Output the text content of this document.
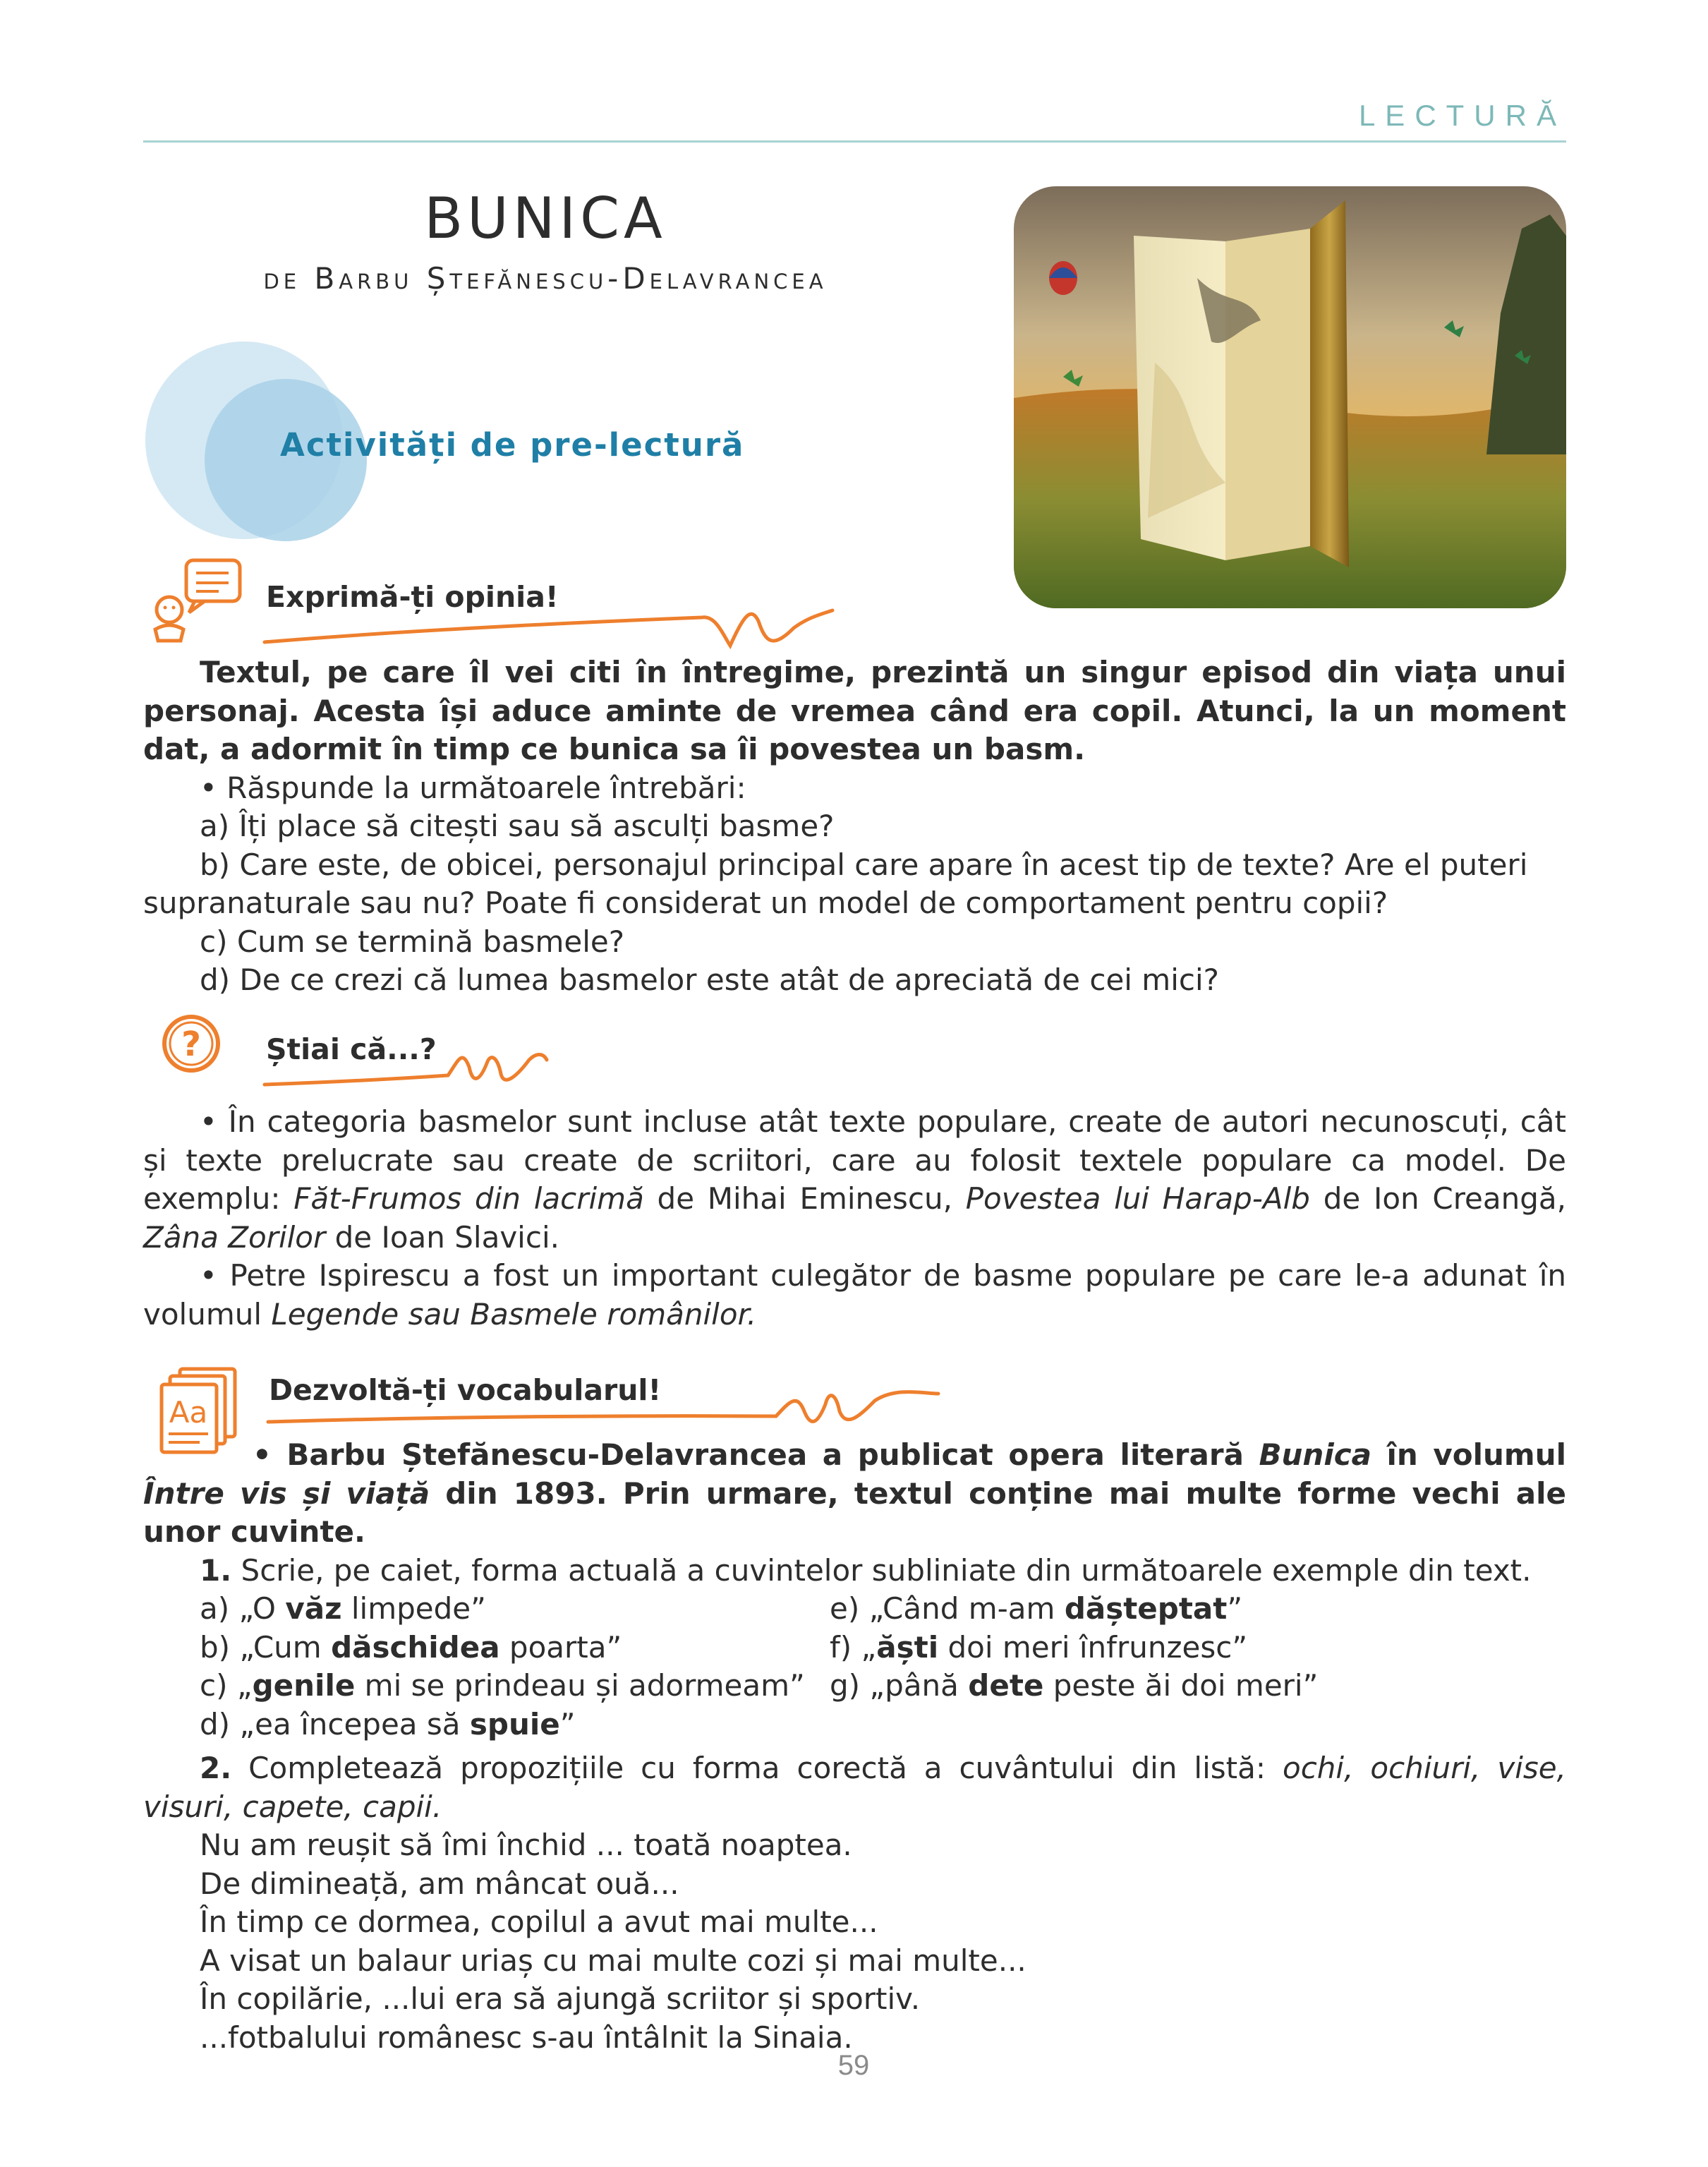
LECTURĂ
BUNICA
de Barbu Ștefănescu-Delavrancea
Activități de pre-lectură
Exprimă-ți opinia!

Textul, pe care îl vei citi în întregime, prezintă un singur episod din viața unui personaj. Acesta își aduce aminte de vremea când era copil. Atunci, la un moment dat, a adormit în timp ce bunica sa îi povestea un basm.

• Răspunde la următoarele întrebări:

a) Îți place să citești sau să asculți basme?

b) Care este, de obicei, personajul principal care apare în acest tip de texte? Are el puteri supranaturale sau nu? Poate fi considerat un model de comportament pentru copii?

c) Cum se termină basmele?

d) De ce crezi că lumea basmelor este atât de apreciată de cei mici?

? Știai că...?

• În categoria basmelor sunt incluse atât texte populare, create de autori necunoscuți, cât și texte prelucrate sau create de scriitori, care au folosit textele populare ca model. De exemplu: Făt-Frumos din lacrimă de Mihai Eminescu, Povestea lui Harap-Alb de Ion Creangă, Zâna Zorilor de Ioan Slavici.

• Petre Ispirescu a fost un important culegător de basme populare pe care le-a adunat în volumul Legende sau Basmele românilor.

Aa
Dezvoltă-ți vocabularul!

• Barbu Ștefănescu-Delavrancea a publicat opera literară Bunica în volumul Între vis și viață din 1893. Prin urmare, textul conține mai multe forme vechi ale unor cuvinte.

1. Scrie, pe caiet, forma actuală a cuvintelor subliniate din următoarele exemple din text.

a) „O văz limpede”

b) „Cum dăschidea poarta”

c) „genile mi se prindeau și adormeam”

d) „ea începea să spuie”

e) „Când m-am dășteptat”

f) „ăști doi meri înfrunzesc”

g) „până dete peste ăi doi meri”

2. Completează propozițiile cu forma corectă a cuvântului din listă: ochi, ochiuri, vise, visuri, capete, capii.

Nu am reușit să îmi închid ... toată noaptea.

De dimineață, am mâncat ouă...

În timp ce dormea, copilul a avut mai multe...

A visat un balaur uriaș cu mai multe cozi și mai multe...

În copilărie, ...lui era să ajungă scriitor și sportiv.

...fotbalului românesc s-au întâlnit la Sinaia.

59
